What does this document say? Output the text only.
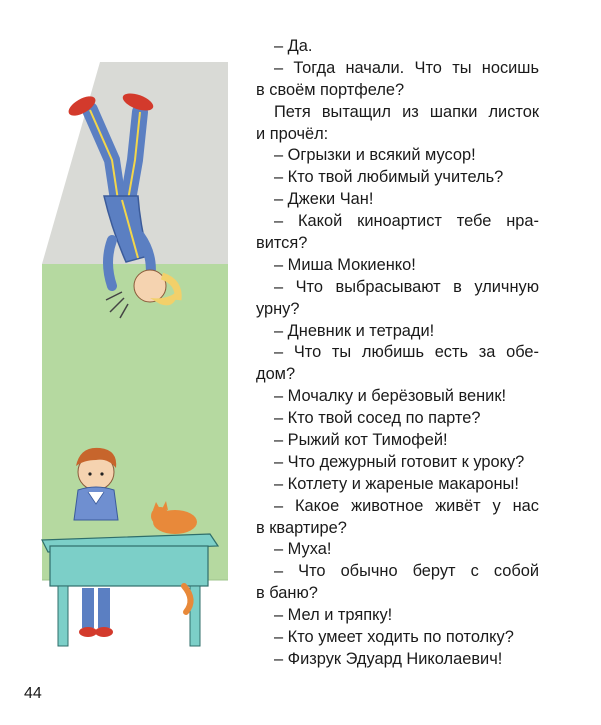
– Да.
– Тогда начали. Что ты носишь
в своём портфеле?
Петя вытащил из шапки листок
и прочёл:
– Огрызки и всякий мусор!
– Кто твой любимый учитель?
– Джеки Чан!
– Какой киноартист тебе нра-
вится?
– Миша Мокиенко!
– Что выбрасывают в уличную
урну?
– Дневник и тетради!
– Что ты любишь есть за обе-
дом?
– Мочалку и берёзовый веник!
– Кто твой сосед по парте?
– Рыжий кот Тимофей!
– Что дежурный готовит к уроку?
– Котлету и жареные макароны!
– Какое животное живёт у нас
в квартире?
– Муха!
– Что обычно берут с собой
в баню?
– Мел и тряпку!
– Кто умеет ходить по потолку?
– Физрук Эдуард Николаевич!
44
